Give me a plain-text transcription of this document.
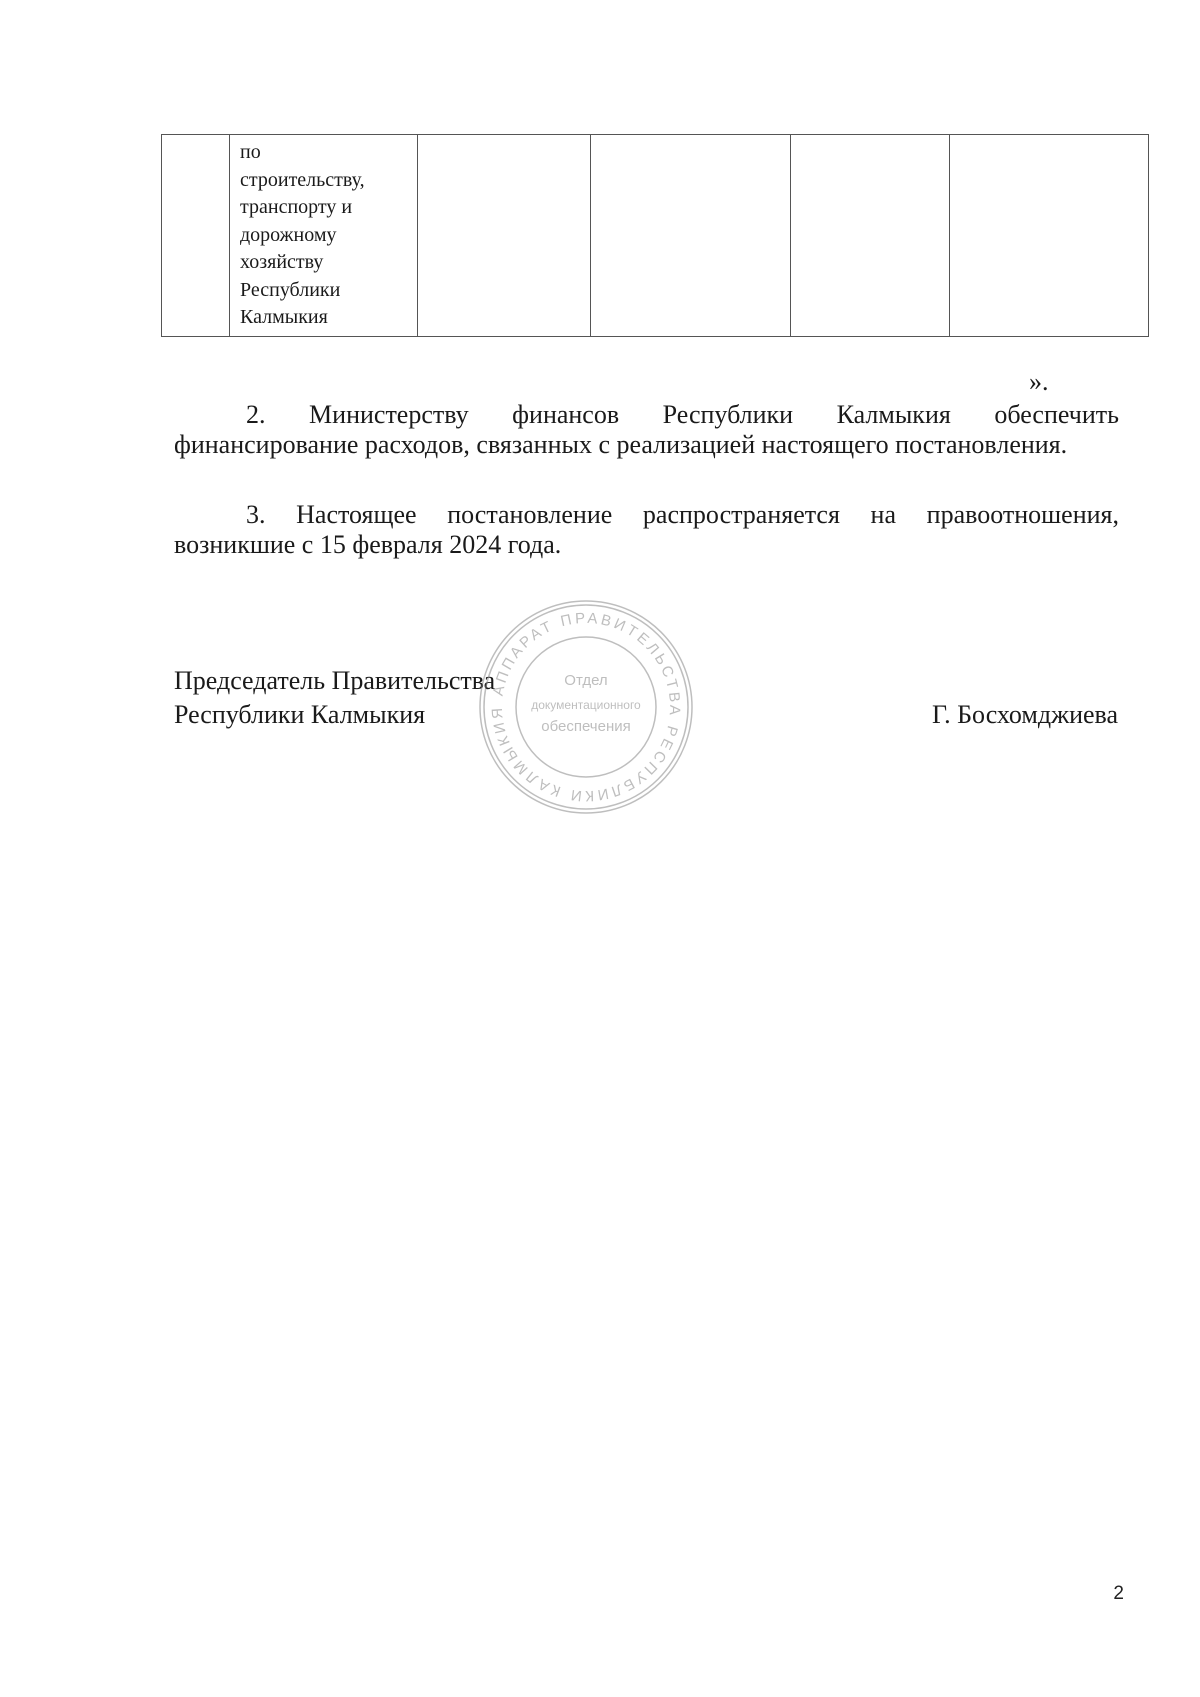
	по
строительству,
транспорту и
дорожному
хозяйству
Республики
Калмыкия				
».

2. Министерству финансов Республики Калмыкия обеспечить финансирование расходов, связанных с реализацией настоящего постановления.

3. Настоящее постановление распространяется на правоотношения, возникшие с 15 февраля 2024 года.

Председатель Правительства
Республики Калмыкия	Г. Босхомджиева
АППАРАТ ПРАВИТЕЛЬСТВА РЕСПУБЛИКИ КАЛМЫКИЯ
Отдел
документационного
обеспечения
2
